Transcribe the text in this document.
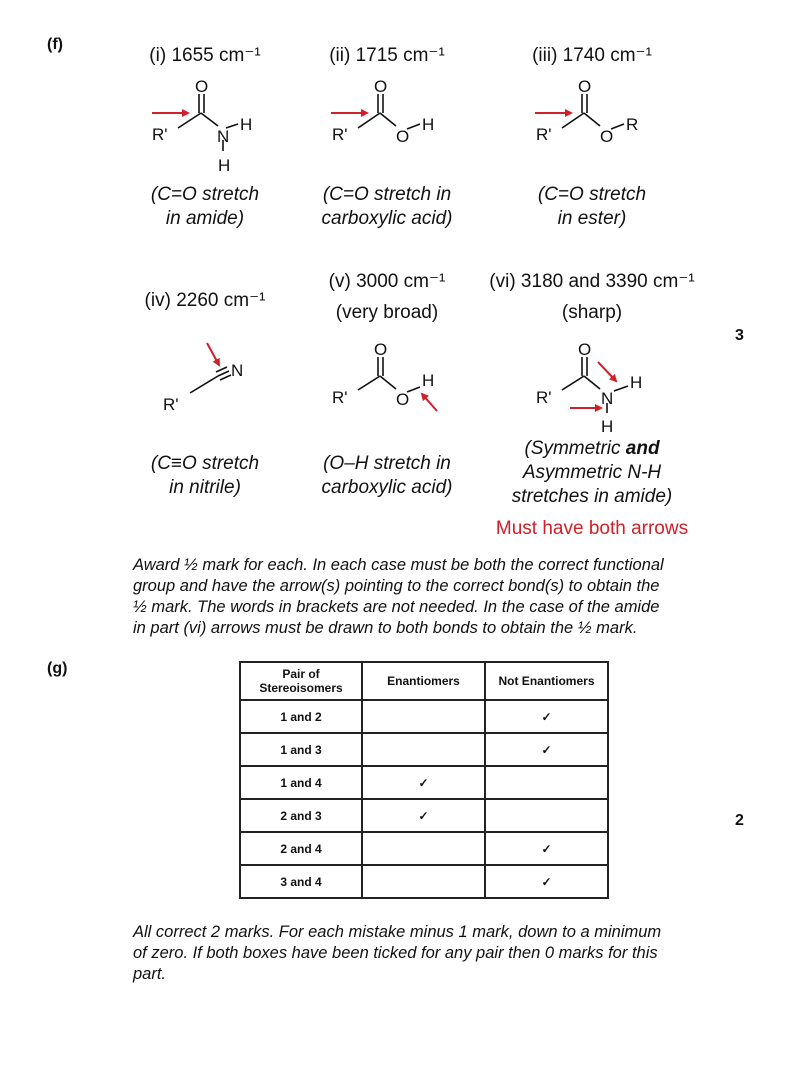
(f)
3
(g)
2
(i) 1655 cm⁻¹	(ii) 1715 cm⁻¹	(iii) 1740 cm⁻¹
O
R'	N
H
H
O
R'	O
H
O
R'	O
R
R'
N
O
R'	O
H
O
R'	N
H
H
(C=O stretch
in amide)
(C=O stretch in
carboxylic acid)
(C=O stretch
in ester)
(iv) 2260 cm⁻¹
(v) 3000 cm⁻¹
(very broad)
(vi) 3180 and 3390 cm⁻¹
(sharp)
(C≡O stretch
in nitrile)
(O–H stretch in
carboxylic acid)
(Symmetric and
Asymmetric N-H
stretches in amide)
Must have both arrows
Award ½ mark for each. In each case must be both the correct functional
group and have the arrow(s) pointing to the correct bond(s) to obtain the
½ mark. The words in brackets are not needed. In the case of the amide
in part (vi) arrows must be drawn to both bonds to obtain the ½ mark.
Pair of
Stereoisomers	Enantiomers	Not Enantiomers
1 and 2		✓
1 and 3		✓
1 and 4	✓	
2 and 3	✓	
2 and 4		✓
3 and 4		✓
All correct 2 marks. For each mistake minus 1 mark, down to a minimum
of zero. If both boxes have been ticked for any pair then 0 marks for this
part.
